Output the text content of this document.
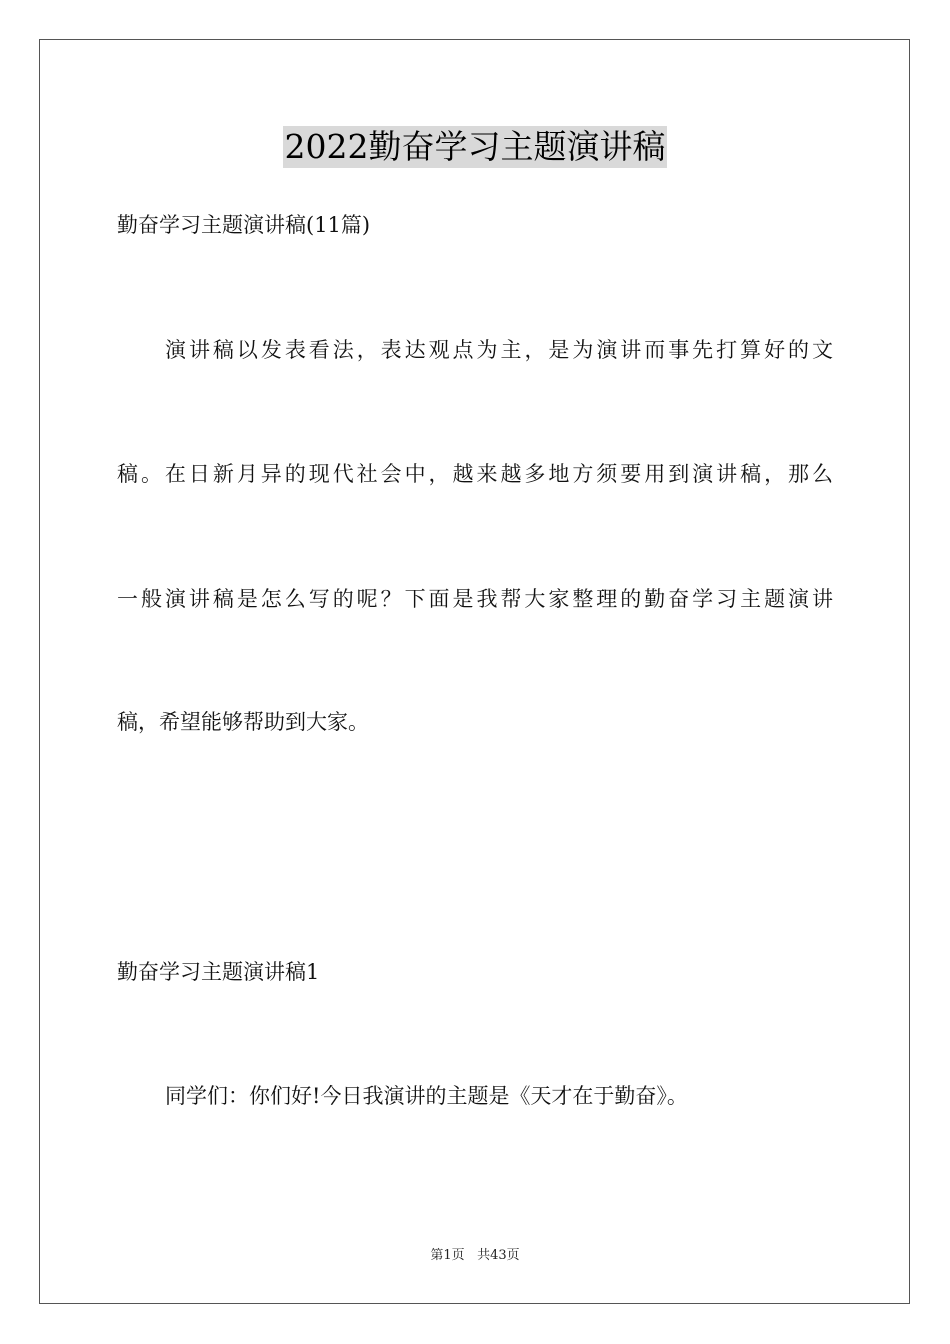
2022勤奋学习主题演讲稿
勤奋学习主题演讲稿(11篇)
演讲稿以发表看法，表达观点为主，是为演讲而事先打算好的文
稿。在日新月异的现代社会中，越来越多地方须要用到演讲稿，那么
一般演讲稿是怎么写的呢？下面是我帮大家整理的勤奋学习主题演讲
稿，希望能够帮助到大家。
勤奋学习主题演讲稿1
同学们：你们好!今日我演讲的主题是《天才在于勤奋》。
第1页 共43页
